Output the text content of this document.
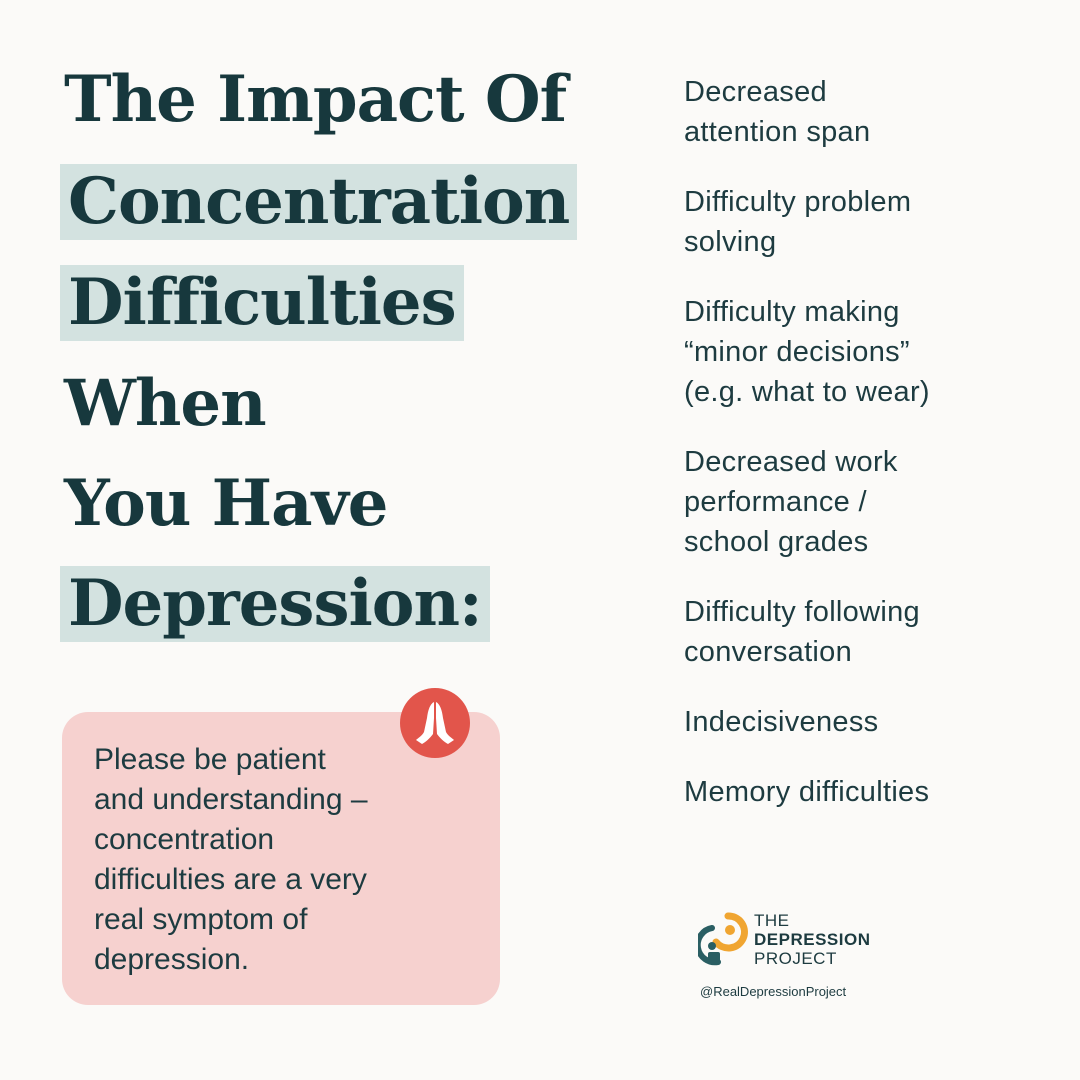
The Impact Of
Concentration
Difficulties
When
You Have
Depression:
Decreased
attention span
Difficulty problem
solving
Difficulty making
“minor decisions”
(e.g. what to wear)
Decreased work
performance /
school grades
Difficulty following
conversation
Indecisiveness
Memory difficulties

Please be patient
and understanding –
concentration
difficulties are a very
real symptom of
depression.

THE
DEPRESSION
PROJECT
@RealDepressionProject
